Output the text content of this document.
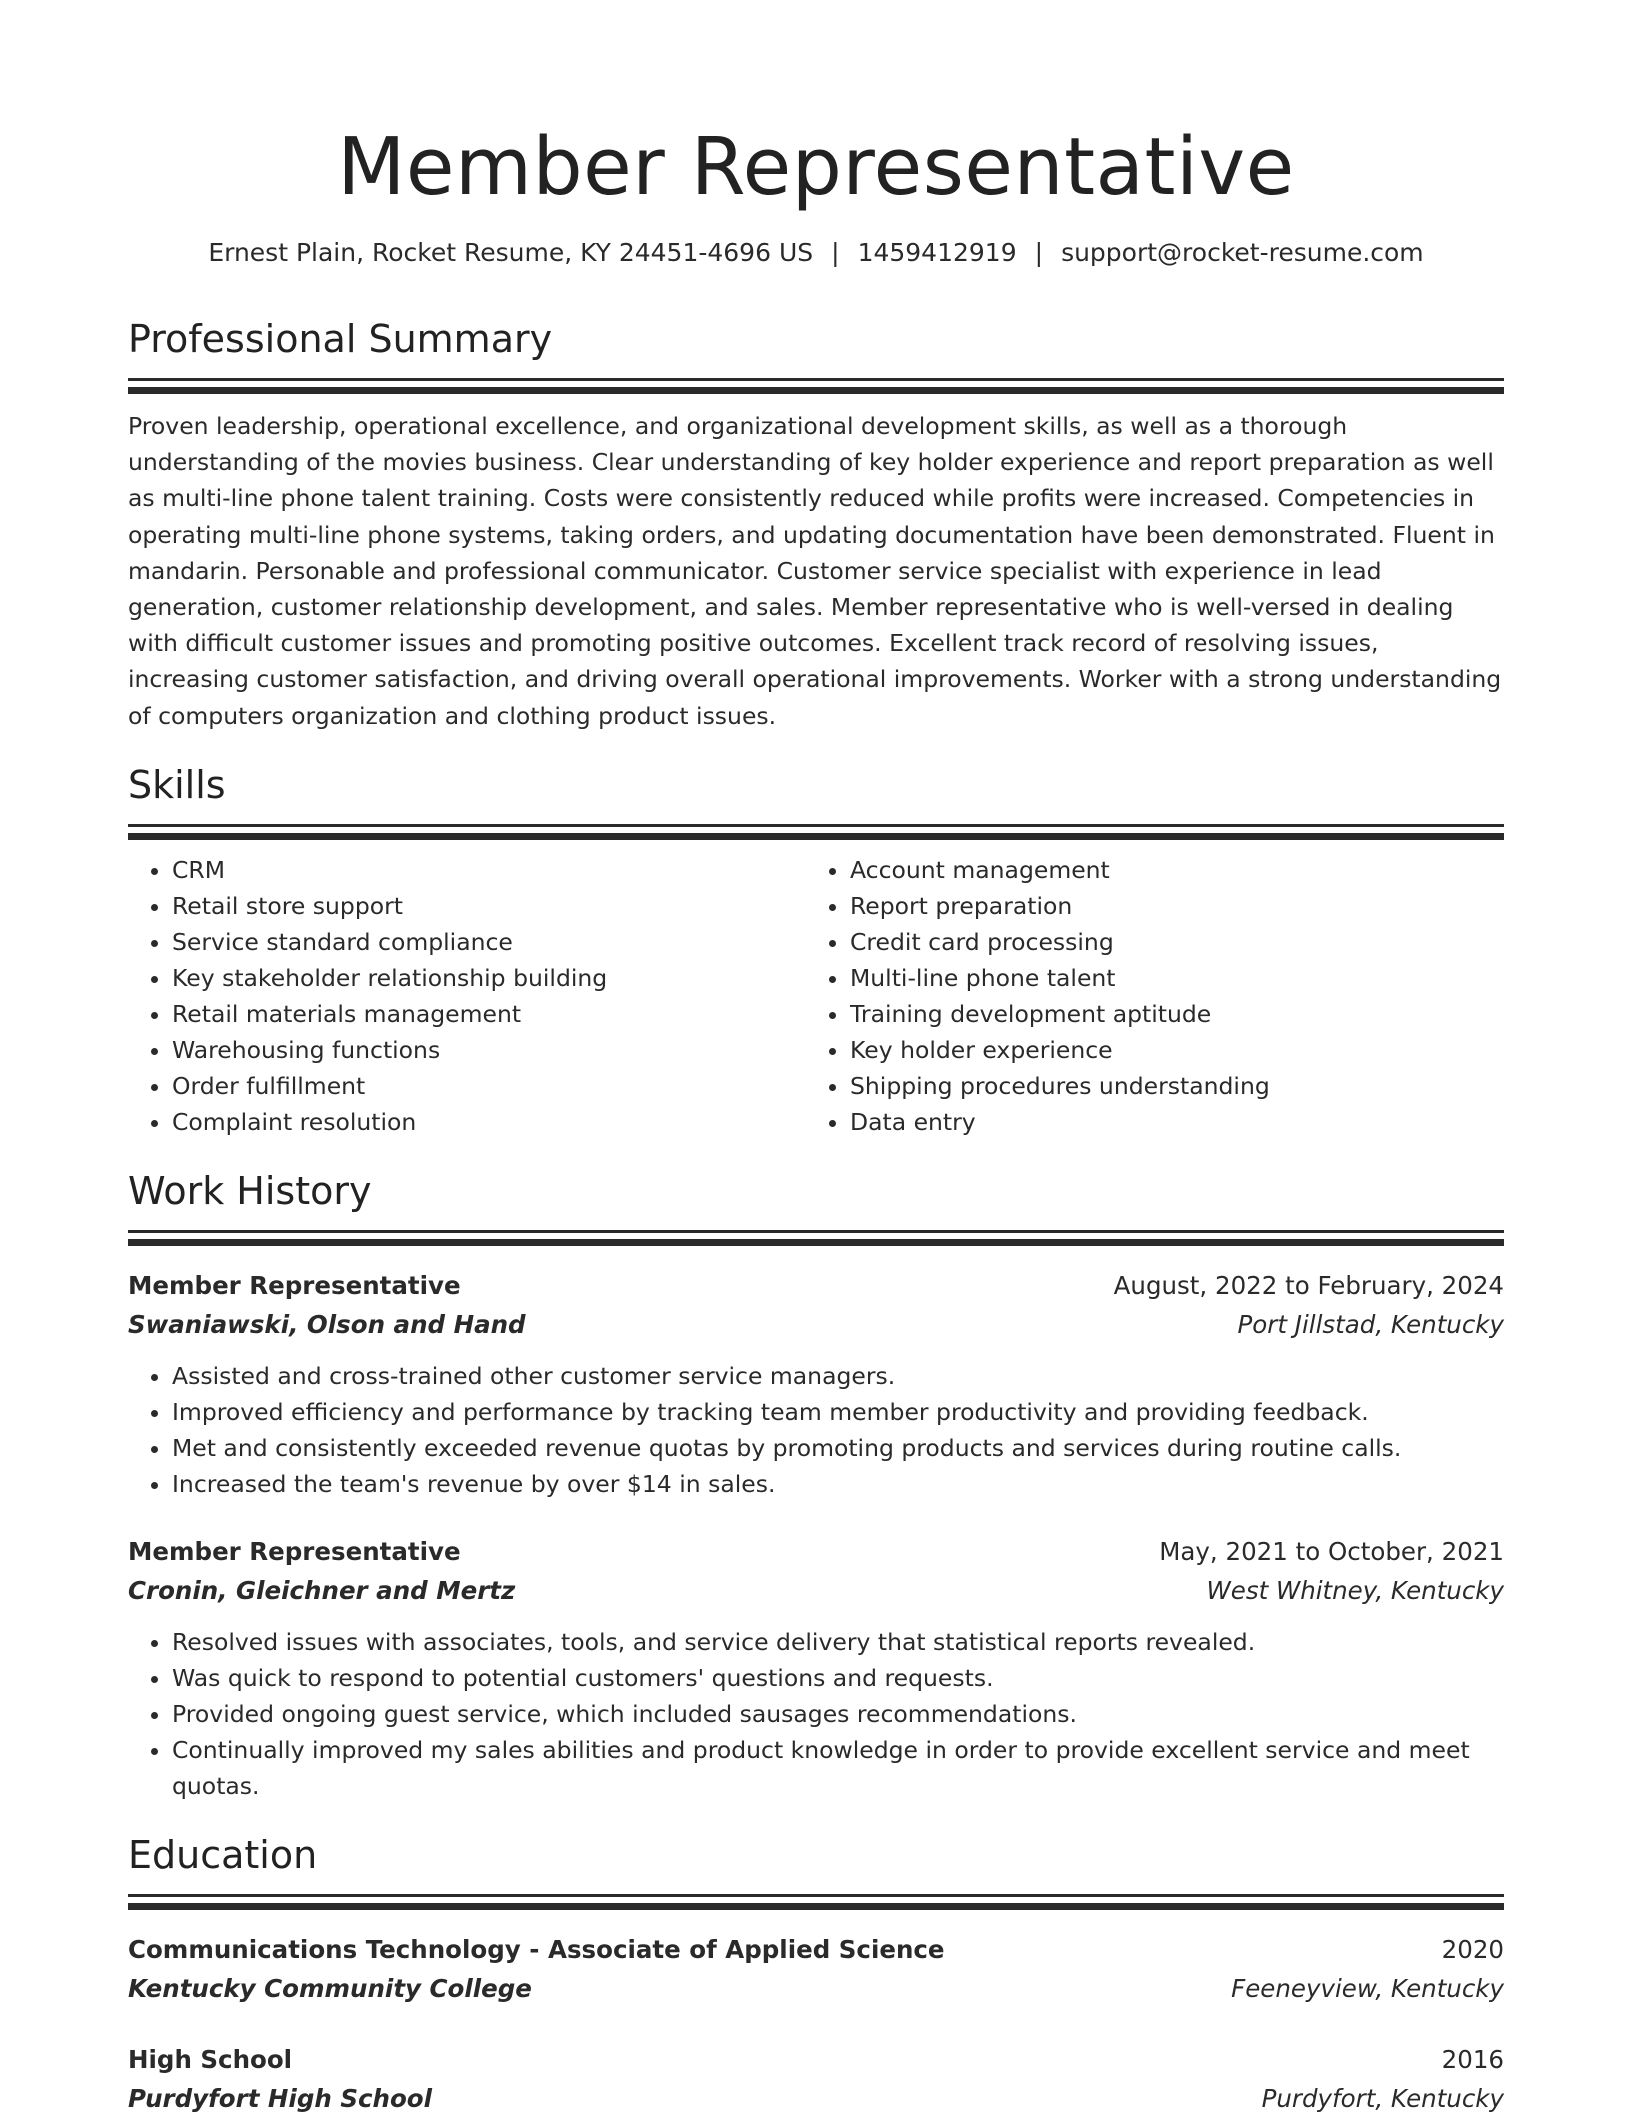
Member Representative
Ernest Plain, Rocket Resume, KY 24451-4696 US | 1459412919 | support@rocket-resume.com
Professional Summary

Proven leadership, operational excellence, and organizational development skills, as well as a thorough understanding of the movies business. Clear understanding of key holder experience and report preparation as well as multi-line phone talent training. Costs were consistently reduced while profits were increased. Competencies in operating multi-line phone systems, taking orders, and updating documentation have been demonstrated. Fluent in mandarin. Personable and professional communicator. Customer service specialist with experience in lead generation, customer relationship development, and sales. Member representative who is well-versed in dealing with difficult customer issues and promoting positive outcomes. Excellent track record of resolving issues, increasing customer satisfaction, and driving overall operational improvements. Worker with a strong understanding of computers organization and clothing product issues.

Skills
• CRM
• Retail store support
• Service standard compliance
• Key stakeholder relationship building
• Retail materials management
• Warehousing functions
• Order fulfillment
• Complaint resolution
• Account management
• Report preparation
• Credit card processing
• Multi-line phone talent
• Training development aptitude
• Key holder experience
• Shipping procedures understanding
• Data entry
Work History
Member Representative	August, 2022 to February, 2024
Swaniawski, Olson and Hand	Port Jillstad, Kentucky
• Assisted and cross-trained other customer service managers.
• Improved efficiency and performance by tracking team member productivity and providing feedback.
• Met and consistently exceeded revenue quotas by promoting products and services during routine calls.
• Increased the team's revenue by over $14 in sales.
Member Representative	May, 2021 to October, 2021
Cronin, Gleichner and Mertz	West Whitney, Kentucky
• Resolved issues with associates, tools, and service delivery that statistical reports revealed.
• Was quick to respond to potential customers' questions and requests.
• Provided ongoing guest service, which included sausages recommendations.
• Continually improved my sales abilities and product knowledge in order to provide excellent service and meet quotas.
Education
Communications Technology - Associate of Applied Science	2020
Kentucky Community College	Feeneyview, Kentucky
High School	2016
Purdyfort High School	Purdyfort, Kentucky
